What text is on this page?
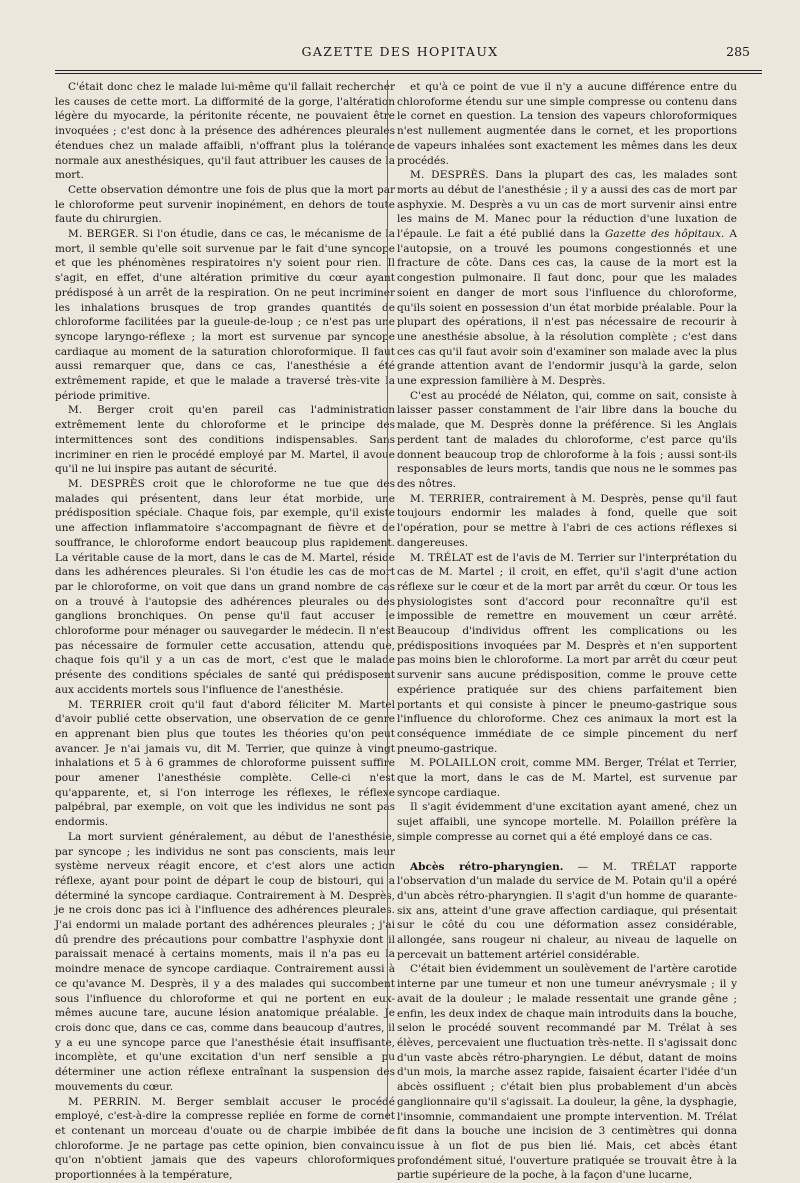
GAZETTE DES HOPITAUX	285

C'était donc chez le malade lui-même qu'il fallait rechercher les causes de cette mort. La difformité de la gorge, l'altération légère du myocarde, la péritonite récente, ne pouvaient être invoquées ; c'est donc à la présence des adhérences pleurales étendues chez un malade affaibli, n'offrant plus la tolérance normale aux anesthésiques, qu'il faut attribuer les causes de la mort.

Cette observation démontre une fois de plus que la mort par le chloroforme peut survenir inopinément, en dehors de toute faute du chirurgien.

M. BERGER. Si l'on étudie, dans ce cas, le mécanisme de la mort, il semble qu'elle soit survenue par le fait d'une syncope et que les phénomènes respiratoires n'y soient pour rien. Il s'agit, en effet, d'une altération primitive du cœur ayant prédisposé à un arrêt de la respiration. On ne peut incriminer les inhalations brusques de trop grandes quantités de chloroforme facilitées par la gueule-de-loup ; ce n'est pas une syncope laryngo-réflexe ; la mort est survenue par syncope cardiaque au moment de la saturation chloroformique. Il faut aussi remarquer que, dans ce cas, l'anesthésie a été extrêmement rapide, et que le malade a traversé très-vite la période primitive.

M. Berger croit qu'en pareil cas l'administration extrêmement lente du chloroforme et le principe des intermittences sont des conditions indispensables. Sans incriminer en rien le procédé employé par M. Martel, il avoue qu'il ne lui inspire pas autant de sécurité.

M. DESPRÈS croit que le chloroforme ne tue que des malades qui présentent, dans leur état morbide, une prédisposition spéciale. Chaque fois, par exemple, qu'il existe une affection inflammatoire s'accompagnant de fièvre et de souffrance, le chloroforme endort beaucoup plus rapidement. La véritable cause de la mort, dans le cas de M. Martel, réside dans les adhérences pleurales. Si l'on étudie les cas de mort par le chloroforme, on voit que dans un grand nombre de cas on a trouvé à l'autopsie des adhérences pleurales ou des ganglions bronchiques. On pense qu'il faut accuser le chloroforme pour ménager ou sauvegarder le médecin. Il n'est pas nécessaire de formuler cette accusation, attendu que, chaque fois qu'il y a un cas de mort, c'est que le malade présente des conditions spéciales de santé qui prédisposent aux accidents mortels sous l'influence de l'anesthésie.

M. TERRIER croit qu'il faut d'abord féliciter M. Martel d'avoir publié cette observation, une observation de ce genre en apprenant bien plus que toutes les théories qu'on peut avancer. Je n'ai jamais vu, dit M. Terrier, que quinze à vingt inhalations et 5 à 6 grammes de chloroforme puissent suffire pour amener l'anesthésie complète. Celle-ci n'est qu'apparente, et, si l'on interroge les réflexes, le réflexe palpébral, par exemple, on voit que les individus ne sont pas endormis.

La mort survient généralement, au début de l'anesthésie, par syncope ; les individus ne sont pas conscients, mais leur système nerveux réagit encore, et c'est alors une action réflexe, ayant pour point de départ le coup de bistouri, qui a déterminé la syncope cardiaque. Contrairement à M. Desprès, je ne crois donc pas ici à l'influence des adhérences pleurales. J'ai endormi un malade portant des adhérences pleurales ; j'ai dû prendre des précautions pour combattre l'asphyxie dont il paraissait menacé à certains moments, mais il n'a pas eu la moindre menace de syncope cardiaque. Contrairement aussi à ce qu'avance M. Desprès, il y a des malades qui succombent sous l'influence du chloroforme et qui ne portent en eux-mêmes aucune tare, aucune lésion anatomique préalable. Je crois donc que, dans ce cas, comme dans beaucoup d'autres, il y a eu une syncope parce que l'anesthésie était insuffisante, incomplète, et qu'une excitation d'un nerf sensible a pu déterminer une action réflexe entraînant la suspension des mouvements du cœur.

M. PERRIN. M. Berger semblait accuser le procédé employé, c'est-à-dire la compresse repliée en forme de cornet et contenant un morceau d'ouate ou de charpie imbibée de chloroforme. Je ne partage pas cette opinion, bien convaincu qu'on n'obtient jamais que des vapeurs chloroformiques proportionnées à la température,

et qu'à ce point de vue il n'y a aucune différence entre du chloroforme étendu sur une simple compresse ou contenu dans le cornet en question. La tension des vapeurs chloroformiques n'est nullement augmentée dans le cornet, et les proportions de vapeurs inhalées sont exactement les mêmes dans les deux procédés.

M. DESPRÈS. Dans la plupart des cas, les malades sont morts au début de l'anesthésie ; il y a aussi des cas de mort par asphyxie. M. Desprès a vu un cas de mort survenir ainsi entre les mains de M. Manec pour la réduction d'une luxation de l'épaule. Le fait a été publié dans la Gazette des hôpitaux. A l'autopsie, on a trouvé les poumons congestionnés et une fracture de côte. Dans ces cas, la cause de la mort est la congestion pulmonaire. Il faut donc, pour que les malades soient en danger de mort sous l'influence du chloroforme, qu'ils soient en possession d'un état morbide préalable. Pour la plupart des opérations, il n'est pas nécessaire de recourir à une anesthésie absolue, à la résolution complète ; c'est dans ces cas qu'il faut avoir soin d'examiner son malade avec la plus grande attention avant de l'endormir jusqu'à la garde, selon une expression familière à M. Desprès.

C'est au procédé de Nélaton, qui, comme on sait, consiste à laisser passer constamment de l'air libre dans la bouche du malade, que M. Desprès donne la préférence. Si les Anglais perdent tant de malades du chloroforme, c'est parce qu'ils donnent beaucoup trop de chloroforme à la fois ; aussi sont-ils responsables de leurs morts, tandis que nous ne le sommes pas des nôtres.

M. TERRIER, contrairement à M. Desprès, pense qu'il faut toujours endormir les malades à fond, quelle que soit l'opération, pour se mettre à l'abri de ces actions réflexes si dangereuses.

M. TRÉLAT est de l'avis de M. Terrier sur l'interprétation du cas de M. Martel ; il croit, en effet, qu'il s'agit d'une action réflexe sur le cœur et de la mort par arrêt du cœur. Or tous les physiologistes sont d'accord pour reconnaître qu'il est impossible de remettre en mouvement un cœur arrêté. Beaucoup d'individus offrent les complications ou les prédispositions invoquées par M. Desprès et n'en supportent pas moins bien le chloroforme. La mort par arrêt du cœur peut survenir sans aucune prédisposition, comme le prouve cette expérience pratiquée sur des chiens parfaitement bien portants et qui consiste à pincer le pneumo-gastrique sous l'influence du chloroforme. Chez ces animaux la mort est la conséquence immédiate de ce simple pincement du nerf pneumo-gastrique.

M. POLAILLON croit, comme MM. Berger, Trélat et Terrier, que la mort, dans le cas de M. Martel, est survenue par syncope cardiaque.

Il s'agit évidemment d'une excitation ayant amené, chez un sujet affaibli, une syncope mortelle. M. Polaillon préfère la simple compresse au cornet qui a été employé dans ce cas.

Abcès rétro-pharyngien. — M. TRÉLAT rapporte l'observation d'un malade du service de M. Potain qu'il a opéré d'un abcès rétro-pharyngien. Il s'agit d'un homme de quarante-six ans, atteint d'une grave affection cardiaque, qui présentait sur le côté du cou une déformation assez considérable, allongée, sans rougeur ni chaleur, au niveau de laquelle on percevait un battement artériel considérable.

C'était bien évidemment un soulèvement de l'artère carotide interne par une tumeur et non une tumeur anévrysmale ; il y avait de la douleur ; le malade ressentait une grande gêne ; enfin, les deux index de chaque main introduits dans la bouche, selon le procédé souvent recommandé par M. Trélat à ses élèves, percevaient une fluctuation très-nette. Il s'agissait donc d'un vaste abcès rétro-pharyngien. Le début, datant de moins d'un mois, la marche assez rapide, faisaient écarter l'idée d'un abcès ossifluent ; c'était bien plus probablement d'un abcès ganglionnaire qu'il s'agissait. La douleur, la gêne, la dysphagie, l'insomnie, commandaient une prompte intervention. M. Trélat fit dans la bouche une incision de 3 centimètres qui donna issue à un flot de pus bien lié. Mais, cet abcès étant profondément situé, l'ouverture pratiquée se trouvait être à la partie supérieure de la poche, à la façon d'une lucarne,
